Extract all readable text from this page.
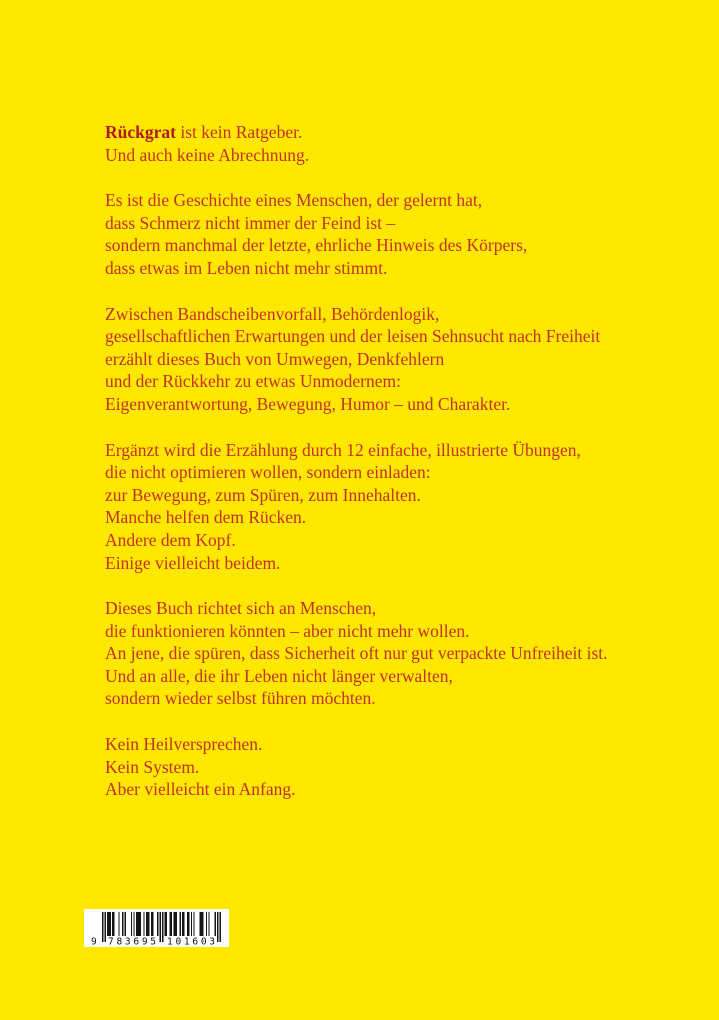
Rückgrat ist kein Ratgeber.
Und auch keine Abrechnung.

Es ist die Geschichte eines Menschen, der gelernt hat,
dass Schmerz nicht immer der Feind ist –
sondern manchmal der letzte, ehrliche Hinweis des Körpers,
dass etwas im Leben nicht mehr stimmt.

Zwischen Bandscheibenvorfall, Behördenlogik,
gesellschaftlichen Erwartungen und der leisen Sehnsucht nach Freiheit
erzählt dieses Buch von Umwegen, Denkfehlern
und der Rückkehr zu etwas Unmodernem:
Eigenverantwortung, Bewegung, Humor – und Charakter.

Ergänzt wird die Erzählung durch 12 einfache, illustrierte Übungen,
die nicht optimieren wollen, sondern einladen:
zur Bewegung, zum Spüren, zum Innehalten.
Manche helfen dem Rücken.
Andere dem Kopf.
Einige vielleicht beidem.

Dieses Buch richtet sich an Menschen,
die funktionieren könnten – aber nicht mehr wollen.
An jene, die spüren, dass Sicherheit oft nur gut verpackte Unfreiheit ist.
Und an alle, die ihr Leben nicht länger verwalten,
sondern wieder selbst führen möchten.

Kein Heilversprechen.
Kein System.
Aber vielleicht ein Anfang.

9 783695 101603
